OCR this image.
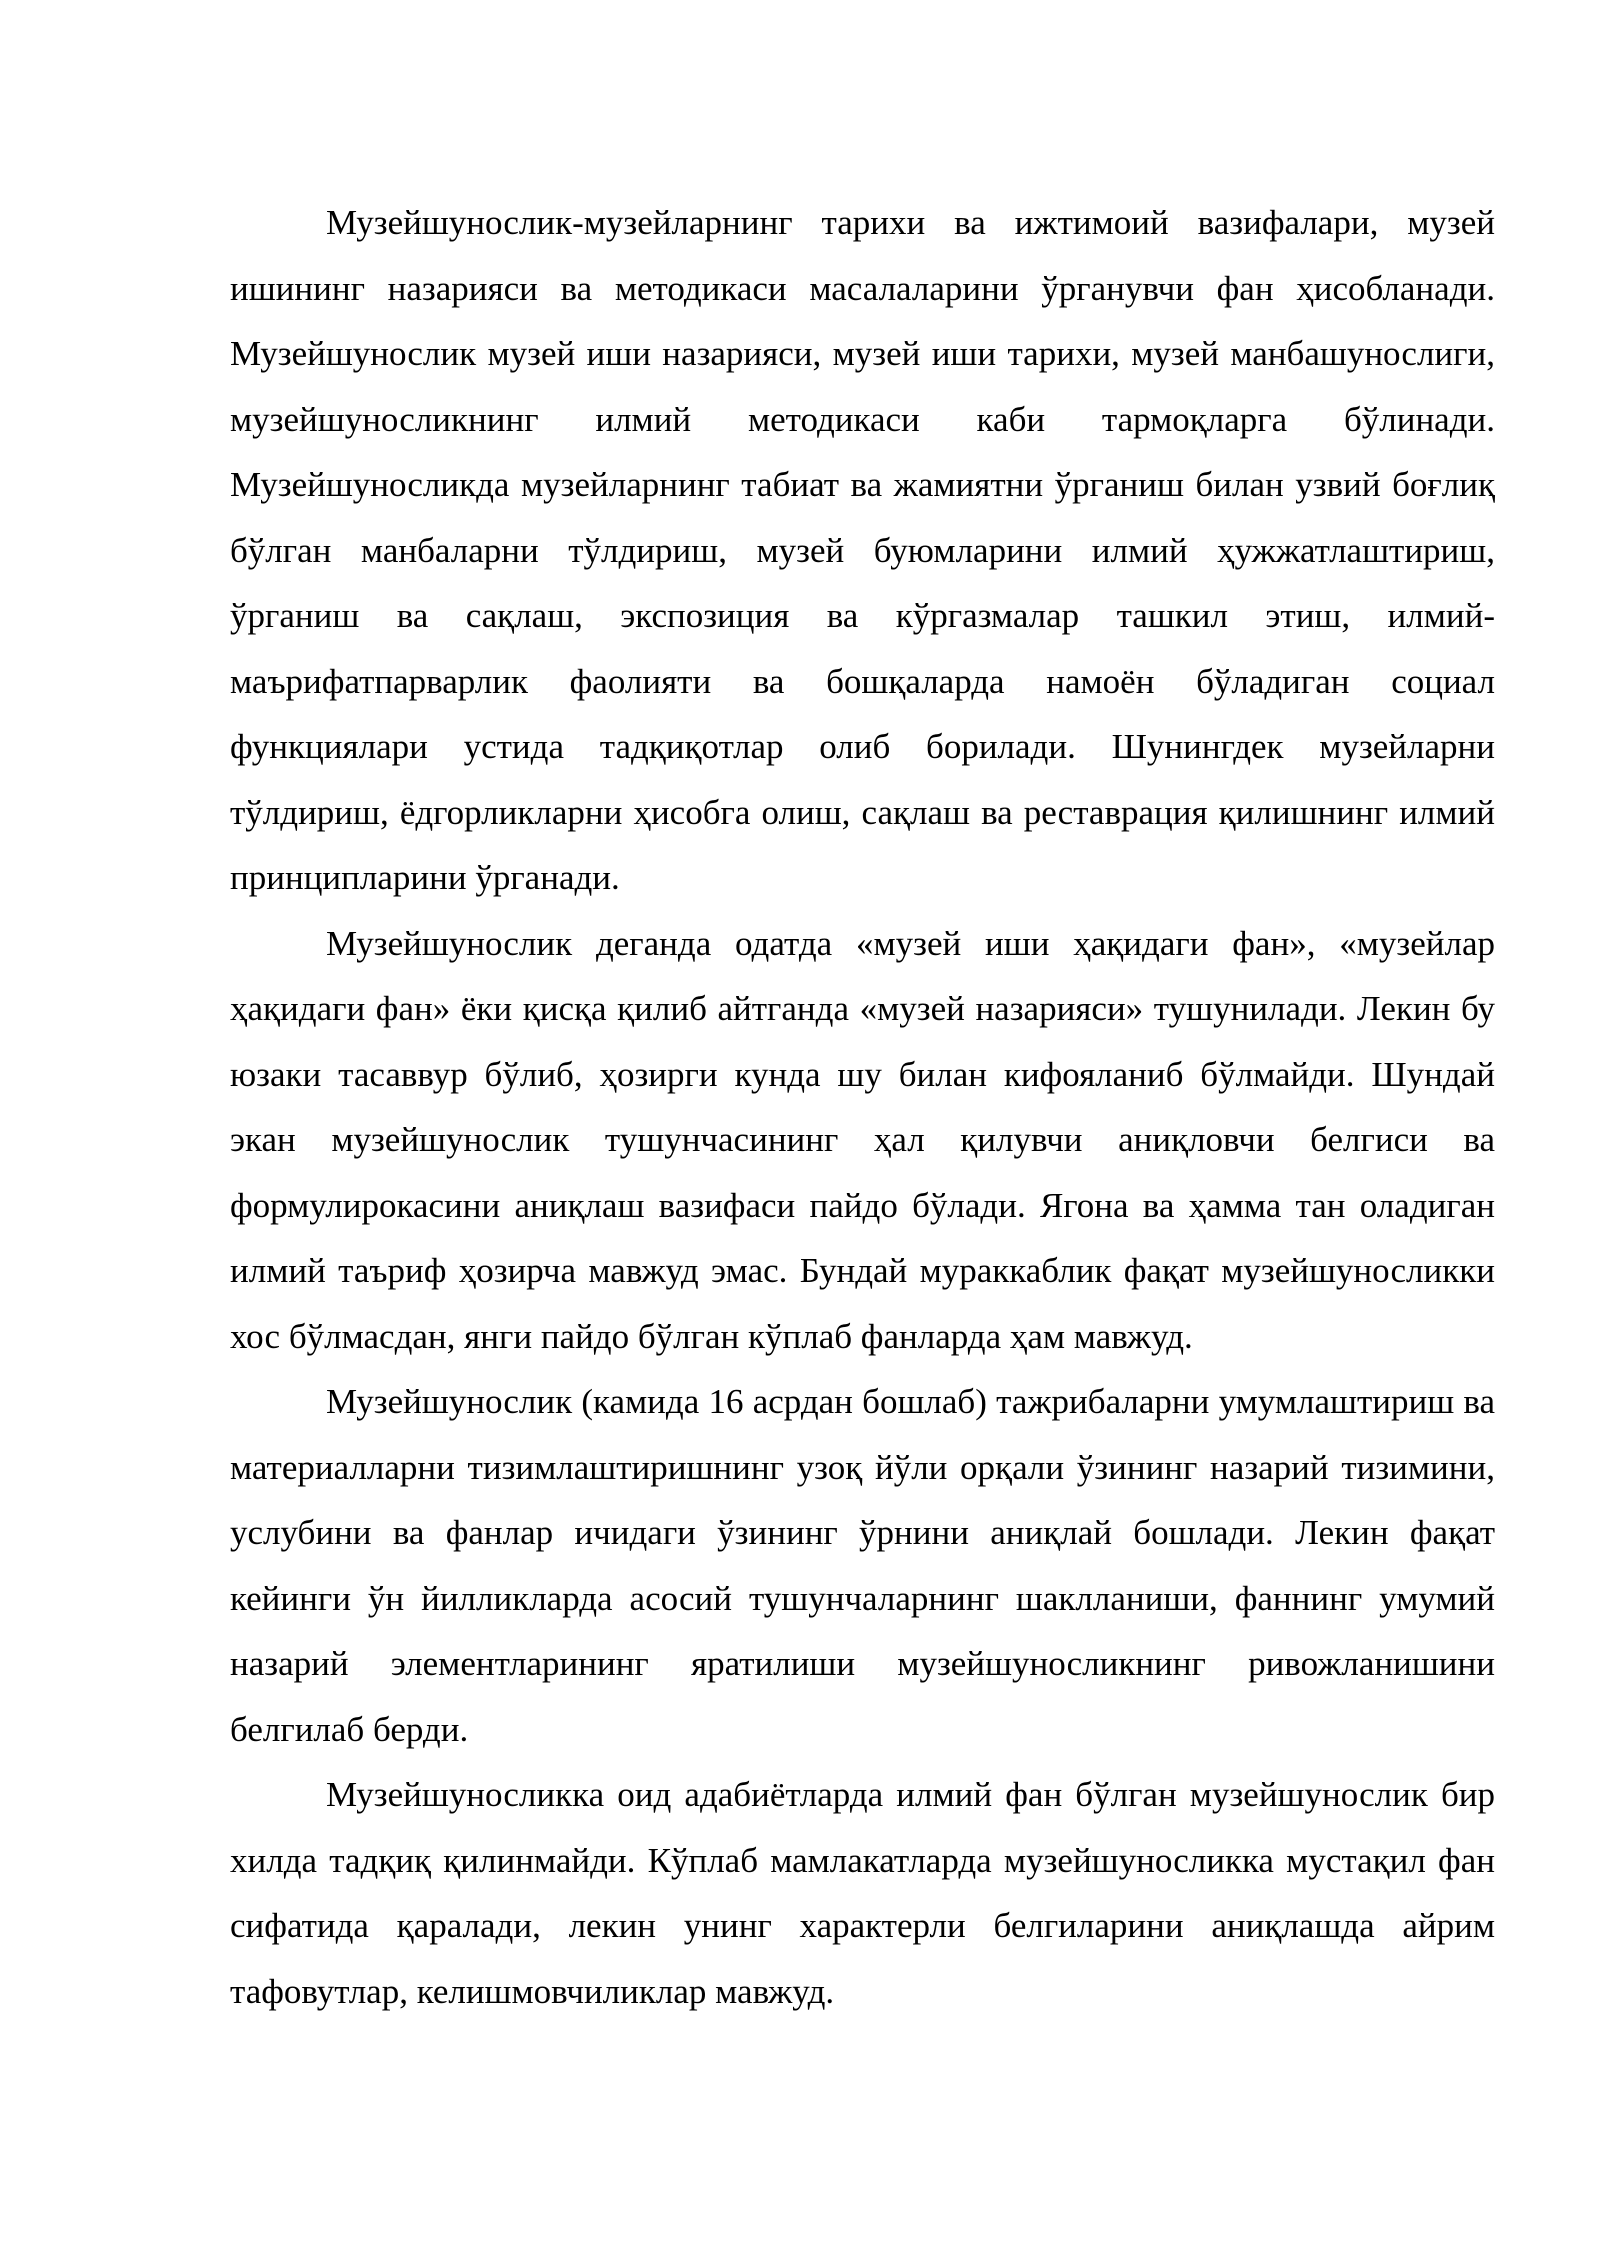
Музейшунослик-музейларнинг тарихи ва ижтимоий вазифалари, музей ишининг назарияси ва методикаси масалаларини ўрганувчи фан ҳисобланади. Музейшунослик музей иши назарияси, музей иши тарихи, музей манбашунослиги, музейшуносликнинг илмий методикаси каби тармоқларга бўлинади. Музейшуносликда музейларнинг табиат ва жамиятни ўрганиш билан узвий боғлиқ бўлган манбаларни тўлдириш, музей буюмларини илмий ҳужжатлаштириш, ўрганиш ва сақлаш, экспозиция ва кўргазмалар ташкил этиш, илмий-маърифатпарварлик фаолияти ва бошқаларда намоён бўладиган социал функциялари устида тадқиқотлар олиб борилади. Шунингдек музейларни тўлдириш, ёдгорликларни ҳисобга олиш, сақлаш ва реставрация қилишнинг илмий принципларини ўрганади.

Музейшунослик деганда одатда «музей иши ҳақидаги фан», «музейлар ҳақидаги фан» ёки қисқа қилиб айтганда «музей назарияси» тушунилади. Лекин бу юзаки тасаввур бўлиб, ҳозирги кунда шу билан кифояланиб бўлмайди. Шундай экан музейшунослик тушунчасининг ҳал қилувчи аниқловчи белгиси ва формулирокасини аниқлаш вазифаси пайдо бўлади. Ягона ва ҳамма тан оладиган илмий таъриф ҳозирча мавжуд эмас. Бундай мураккаблик фақат музейшуносликки хос бўлмасдан, янги пайдо бўлган кўплаб фанларда ҳам мавжуд.

Музейшунослик (камида 16 асрдан бошлаб) тажрибаларни умумлаштириш ва материалларни тизимлаштиришнинг узоқ йўли орқали ўзининг назарий тизимини, услубини ва фанлар ичидаги ўзининг ўрнини аниқлай бошлади. Лекин фақат кейинги ўн йилликларда асосий тушунчаларнинг шаклланиши, фаннинг умумий назарий элементларининг яратилиши музейшуносликнинг ривожланишини белгилаб берди.

Музейшуносликка оид адабиётларда илмий фан бўлган музейшунослик бир хилда тадқиқ қилинмайди. Кўплаб мамлакатларда музейшуносликка мустақил фан сифатида қаралади, лекин унинг характерли белгиларини аниқлашда айрим тафовутлар, келишмовчиликлар мавжуд.
